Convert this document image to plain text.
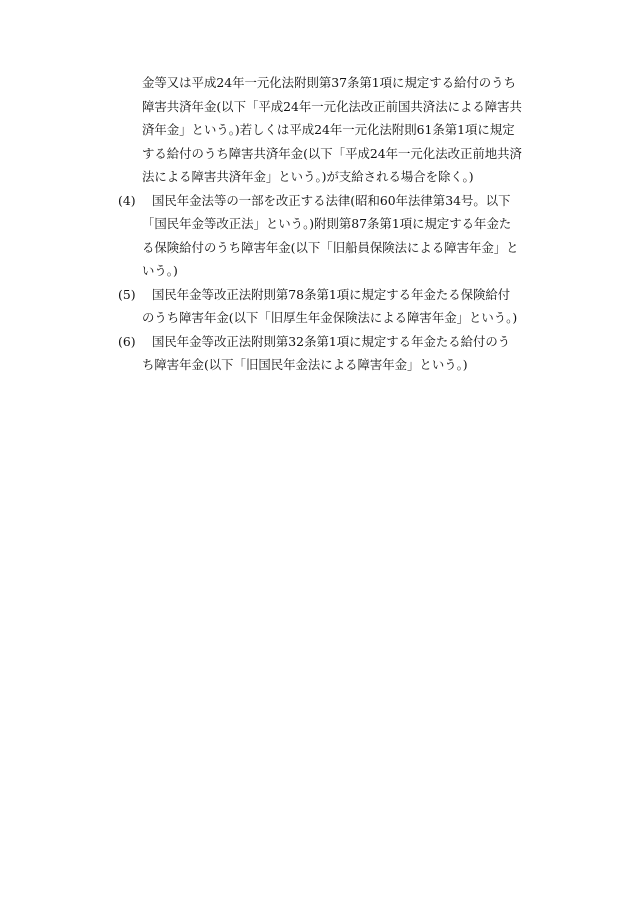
金等又は平成24年一元化法附則第37条第1項に規定する給付のうち
障害共済年金(以下「平成24年一元化法改正前国共済法による障害共
済年金」という。)若しくは平成24年一元化法附則61条第1項に規定
する給付のうち障害共済年金(以下「平成24年一元化法改正前地共済
法による障害共済年金」という。)が支給される場合を除く。)
(4) 国民年金法等の一部を改正する法律(昭和60年法律第34号。以下
「国民年金等改正法」という。)附則第87条第1項に規定する年金た
る保険給付のうち障害年金(以下「旧船員保険法による障害年金」と
いう。)
(5) 国民年金等改正法附則第78条第1項に規定する年金たる保険給付
のうち障害年金(以下「旧厚生年金保険法による障害年金」という。)
(6) 国民年金等改正法附則第32条第1項に規定する年金たる給付のう
ち障害年金(以下「旧国民年金法による障害年金」という。)
